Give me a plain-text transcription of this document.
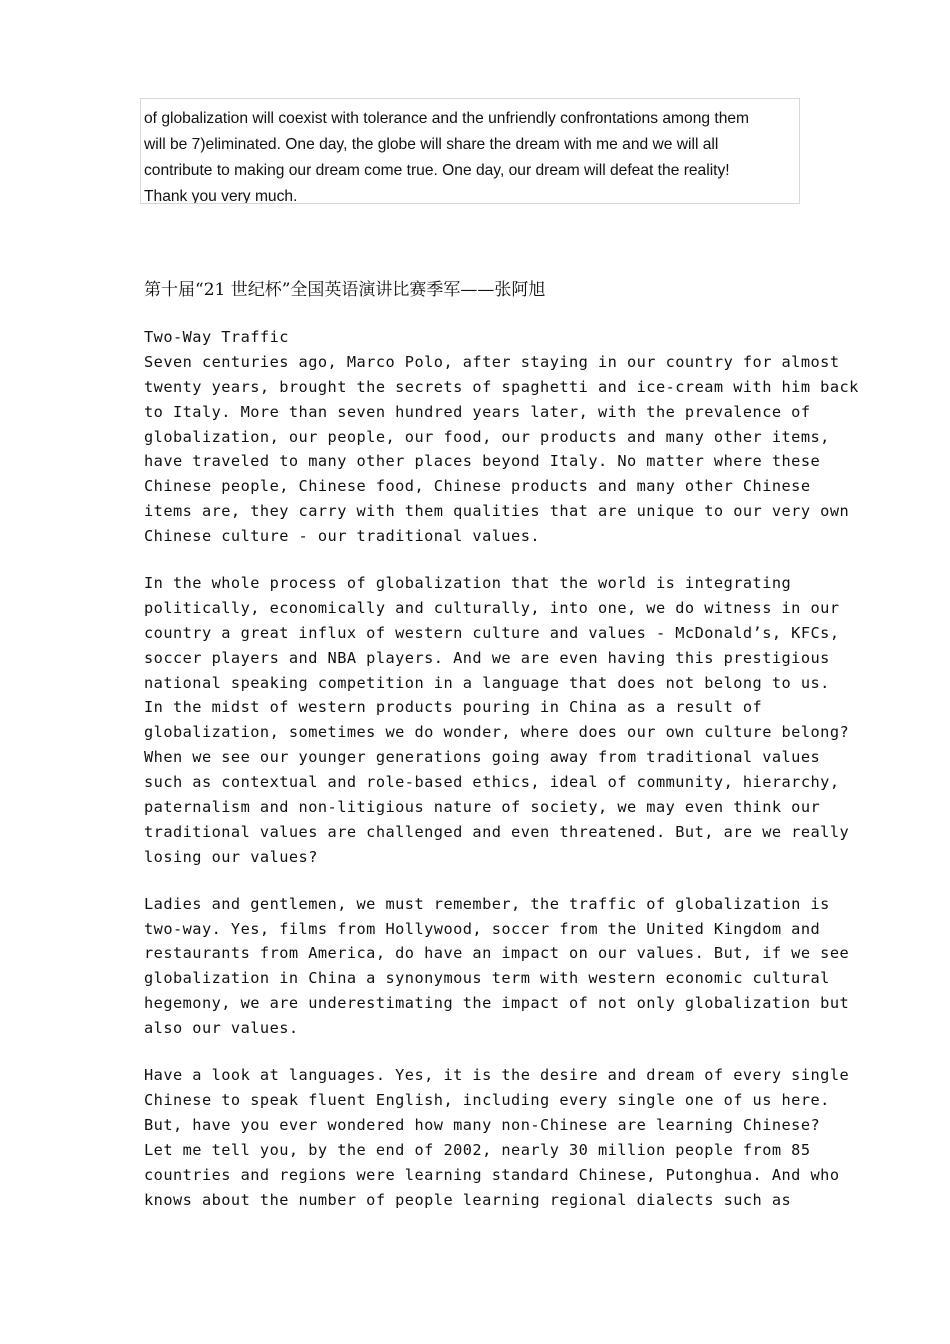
of globalization will coexist with tolerance and the unfriendly confrontations among them
will be 7)eliminated. One day, the globe will share the dream with me and we will all
contribute to making our dream come true. One day, our dream will defeat the reality!
Thank you very much.
第十届“21 世纪杯”全国英语演讲比赛季军——张阿旭
Two-Way Traffic
Seven centuries ago, Marco Polo, after staying in our country for almost
twenty years, brought the secrets of spaghetti and ice-cream with him back
to Italy. More than seven hundred years later, with the prevalence of
globalization, our people, our food, our products and many other items,
have traveled to many other places beyond Italy. No matter where these
Chinese people, Chinese food, Chinese products and many other Chinese
items are, they carry with them qualities that are unique to our very own
Chinese culture - our traditional values.
In the whole process of globalization that the world is integrating
politically, economically and culturally, into one, we do witness in our
country a great influx of western culture and values - McDonald’s, KFCs,
soccer players and NBA players. And we are even having this prestigious
national speaking competition in a language that does not belong to us.
In the midst of western products pouring in China as a result of
globalization, sometimes we do wonder, where does our own culture belong?
When we see our younger generations going away from traditional values
such as contextual and role-based ethics, ideal of community, hierarchy,
paternalism and non-litigious nature of society, we may even think our
traditional values are challenged and even threatened. But, are we really
losing our values?
Ladies and gentlemen, we must remember, the traffic of globalization is
two-way. Yes, films from Hollywood, soccer from the United Kingdom and
restaurants from America, do have an impact on our values. But, if we see
globalization in China a synonymous term with western economic cultural
hegemony, we are underestimating the impact of not only globalization but
also our values.
Have a look at languages. Yes, it is the desire and dream of every single
Chinese to speak fluent English, including every single one of us here.
But, have you ever wondered how many non-Chinese are learning Chinese?
Let me tell you, by the end of 2002, nearly 30 million people from 85
countries and regions were learning standard Chinese, Putonghua. And who
knows about the number of people learning regional dialects such as
